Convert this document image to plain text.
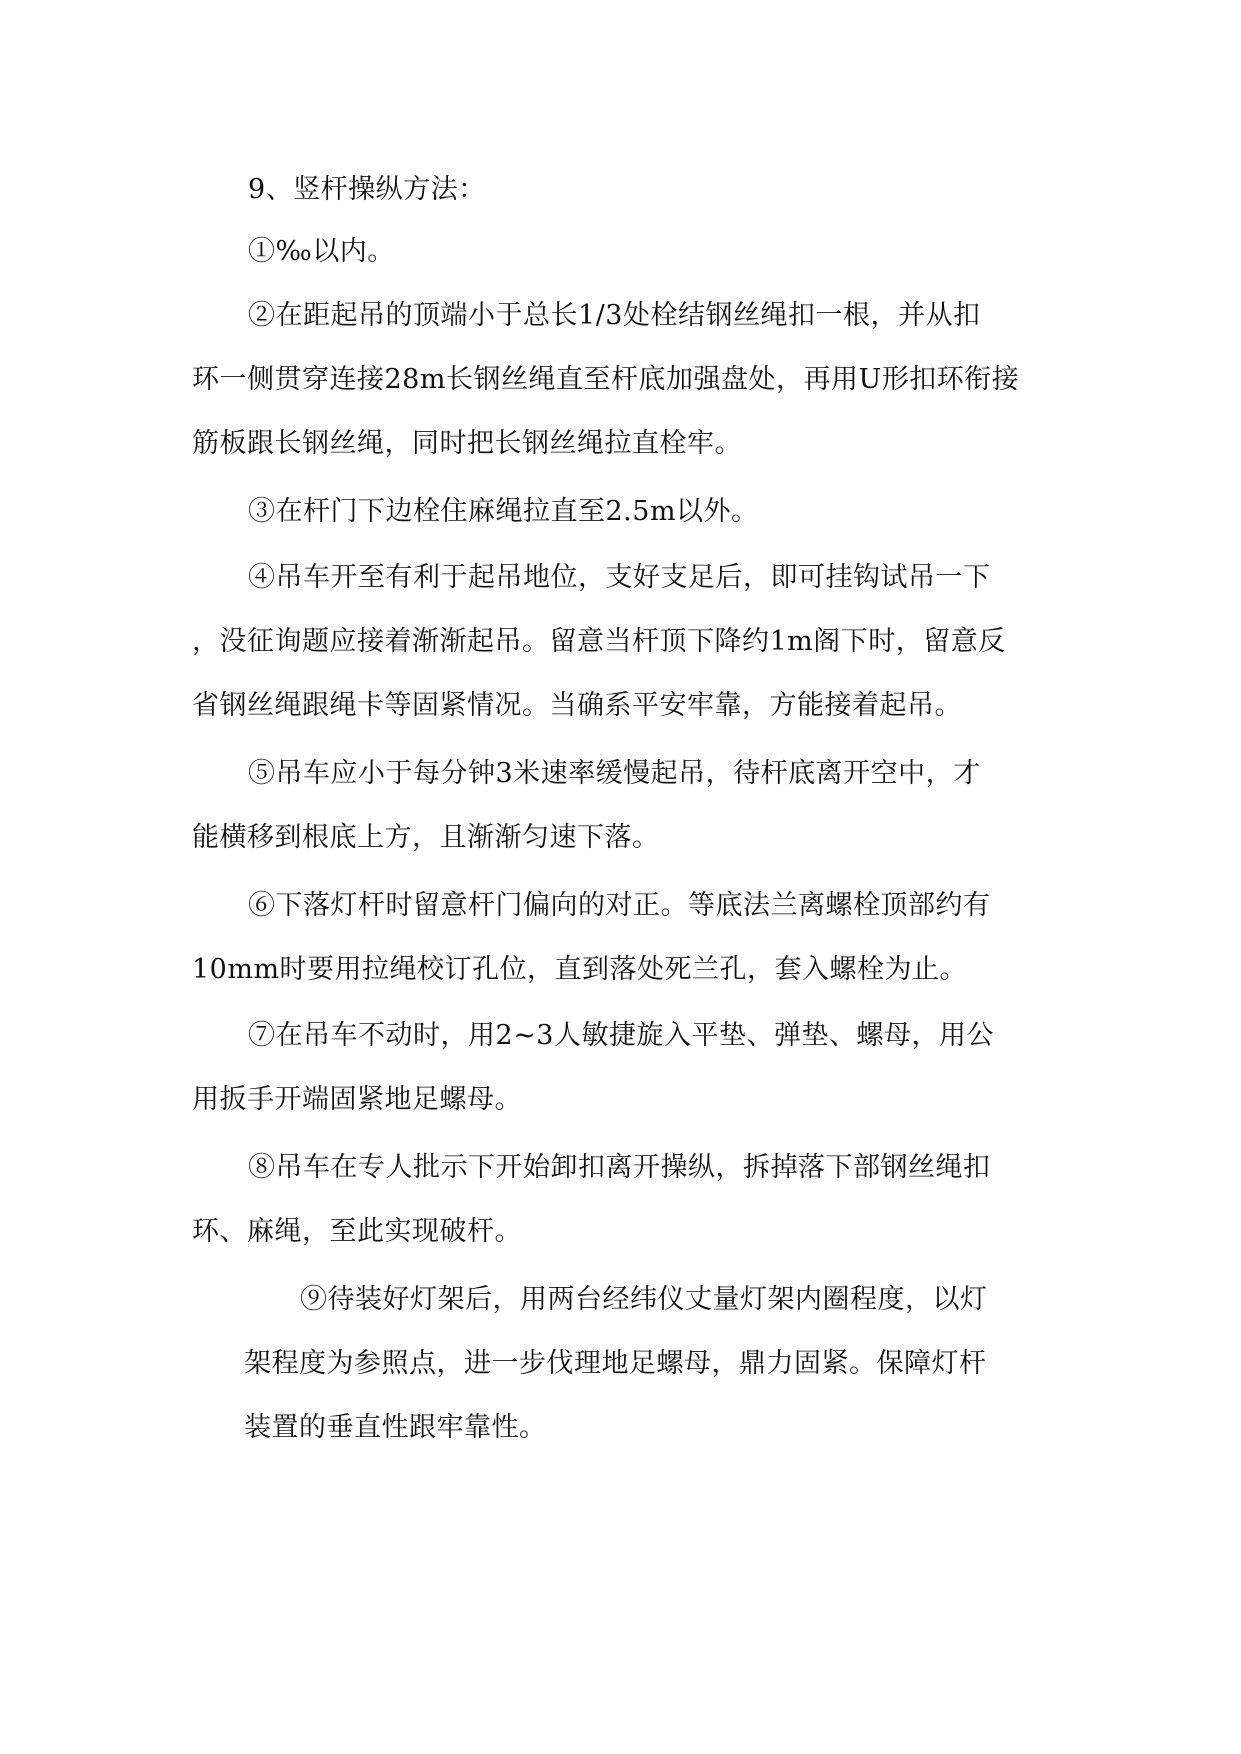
9、竖杆操纵方法：
①‰以内。
②在距起吊的顶端小于总长1/3处栓结钢丝绳扣一根，并从扣
环一侧贯穿连接28m长钢丝绳直至杆底加强盘处，再用U形扣环衔接
筋板跟长钢丝绳，同时把长钢丝绳拉直栓牢。
③在杆门下边栓住麻绳拉直至2.5m以外。
④吊车开至有利于起吊地位，支好支足后，即可挂钩试吊一下
，没征询题应接着渐渐起吊。留意当杆顶下降约1m阁下时，留意反
省钢丝绳跟绳卡等固紧情况。当确系平安牢靠，方能接着起吊。
⑤吊车应小于每分钟3米速率缓慢起吊，待杆底离开空中，才
能横移到根底上方，且渐渐匀速下落。
⑥下落灯杆时留意杆门偏向的对正。等底法兰离螺栓顶部约有
10mm时要用拉绳校订孔位，直到落处死兰孔，套入螺栓为止。
⑦在吊车不动时，用2~3人敏捷旋入平垫、弹垫、螺母，用公
用扳手开端固紧地足螺母。
⑧吊车在专人批示下开始卸扣离开操纵，拆掉落下部钢丝绳扣
环、麻绳，至此实现破杆。
⑨待装好灯架后，用两台经纬仪丈量灯架内圈程度，以灯
架程度为参照点，进一步伐理地足螺母，鼎力固紧。保障灯杆
装置的垂直性跟牢靠性。
